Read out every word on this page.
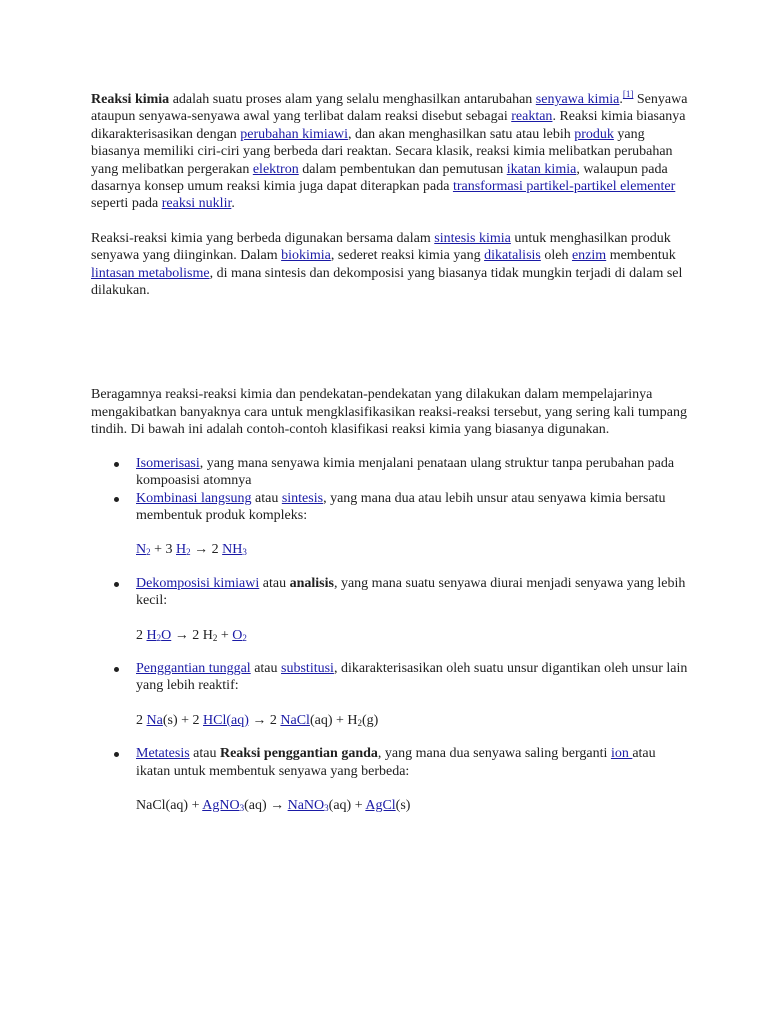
Reaksi kimia adalah suatu proses alam yang selalu menghasilkan antarubahan senyawa kimia.[1] Senyawa ataupun senyawa-senyawa awal yang terlibat dalam reaksi disebut sebagai reaktan. Reaksi kimia biasanya dikarakterisasikan dengan perubahan kimiawi, dan akan menghasilkan satu atau lebih produk yang biasanya memiliki ciri-ciri yang berbeda dari reaktan. Secara klasik, reaksi kimia melibatkan perubahan yang melibatkan pergerakan elektron dalam pembentukan dan pemutusan ikatan kimia, walaupun pada dasarnya konsep umum reaksi kimia juga dapat diterapkan pada transformasi partikel-partikel elementer seperti pada reaksi nuklir.

Reaksi-reaksi kimia yang berbeda digunakan bersama dalam sintesis kimia untuk menghasilkan produk senyawa yang diinginkan. Dalam biokimia, sederet reaksi kimia yang dikatalisis oleh enzim membentuk lintasan metabolisme, di mana sintesis dan dekomposisi yang biasanya tidak mungkin terjadi di dalam sel dilakukan.

Beragamnya reaksi-reaksi kimia dan pendekatan-pendekatan yang dilakukan dalam mempelajarinya mengakibatkan banyaknya cara untuk mengklasifikasikan reaksi-reaksi tersebut, yang sering kali tumpang tindih. Di bawah ini adalah contoh-contoh klasifikasi reaksi kimia yang biasanya digunakan.

Isomerisasi, yang mana senyawa kimia menjalani penataan ulang struktur tanpa perubahan pada kompoasisi atomnya
Kombinasi langsung atau sintesis, yang mana dua atau lebih unsur atau senyawa kimia bersatu membentuk produk kompleks:

$N_2 + 3$ $H_2 \to 2$ $NH_3$

Dekomposisi kimiawi atau analisis, yang mana suatu senyawa diurai menjadi senyawa yang lebih kecil:

2 $H_2O \to 2$ $H_2 + O_2$

Penggantian tunggal atau substitusi, dikarakterisasikan oleh suatu unsur digantikan oleh unsur lain yang lebih reaktif:

2 Na(s) + 2 HCl(aq) → 2 NaCl(aq) + $H_2(g)$

Metatesis atau Reaksi penggantian ganda, yang mana dua senyawa saling berganti ion atau ikatan untuk membentuk senyawa yang berbeda:

NaCl(aq) + AgNO$_3$(aq) → NaNO$_3$(aq) + AgCl(s)
